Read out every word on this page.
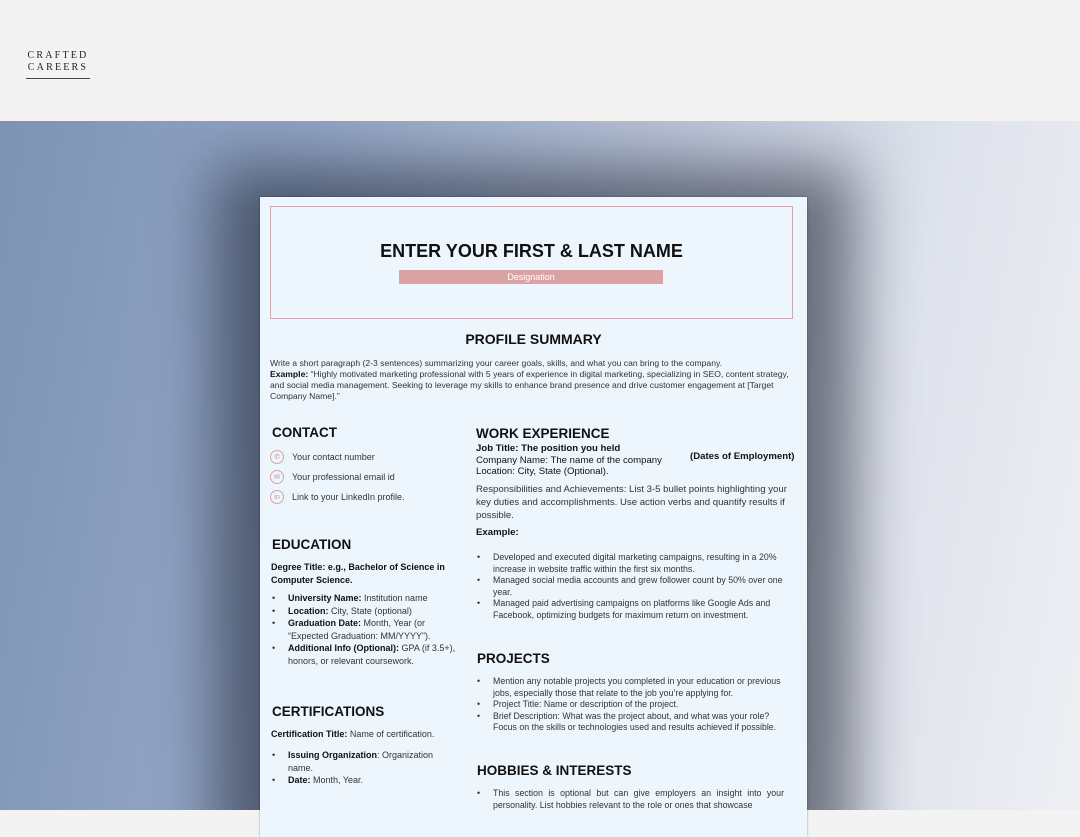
CRAFTED
CAREERS

ENTER YOUR FIRST & LAST NAME
Designation
PROFILE SUMMARY
Write a short paragraph (2-3 sentences) summarizing your career goals, skills, and what you can bring to the company.
Example: “Highly motivated marketing professional with 5 years of experience in digital marketing, specializing in SEO, content strategy, and social media management. Seeking to leverage my skills to enhance brand presence and drive customer engagement at [Target Company Name].”
CONTACT
✆	Your contact number
✉	Your professional email id
in	Link to your LinkedIn profile.
EDUCATION
Degree Title: e.g., Bachelor of Science in Computer Science.
• University Name: Institution name
• Location: City, State (optional)
• Graduation Date: Month, Year (or “Expected Graduation: MM/YYYY”).
• Additional Info (Optional): GPA (if 3.5+), honors, or relevant coursework.
CERTIFICATIONS
Certification Title: Name of certification.
• Issuing Organization: Organization name.
• Date: Month, Year.
WORK EXPERIENCE
Job Title: The position you held
Company Name: The name of the company
Location: City, State (Optional).
(Dates of Employment)
Responsibilities and Achievements: List 3-5 bullet points highlighting your key duties and accomplishments. Use action verbs and quantify results if possible.
Example:
• Developed and executed digital marketing campaigns, resulting in a 20% increase in website traffic within the first six months.
• Managed social media accounts and grew follower count by 50% over one year.
• Managed paid advertising campaigns on platforms like Google Ads and Facebook, optimizing budgets for maximum return on investment.
PROJECTS
• Mention any notable projects you completed in your education or previous jobs, especially those that relate to the job you’re applying for.
• Project Title: Name or description of the project.
• Brief Description: What was the project about, and what was your role? Focus on the skills or technologies used and results achieved if possible.
HOBBIES & INTERESTS
• This section is optional but can give employers an insight into your personality. List hobbies relevant to the role or ones that showcase
